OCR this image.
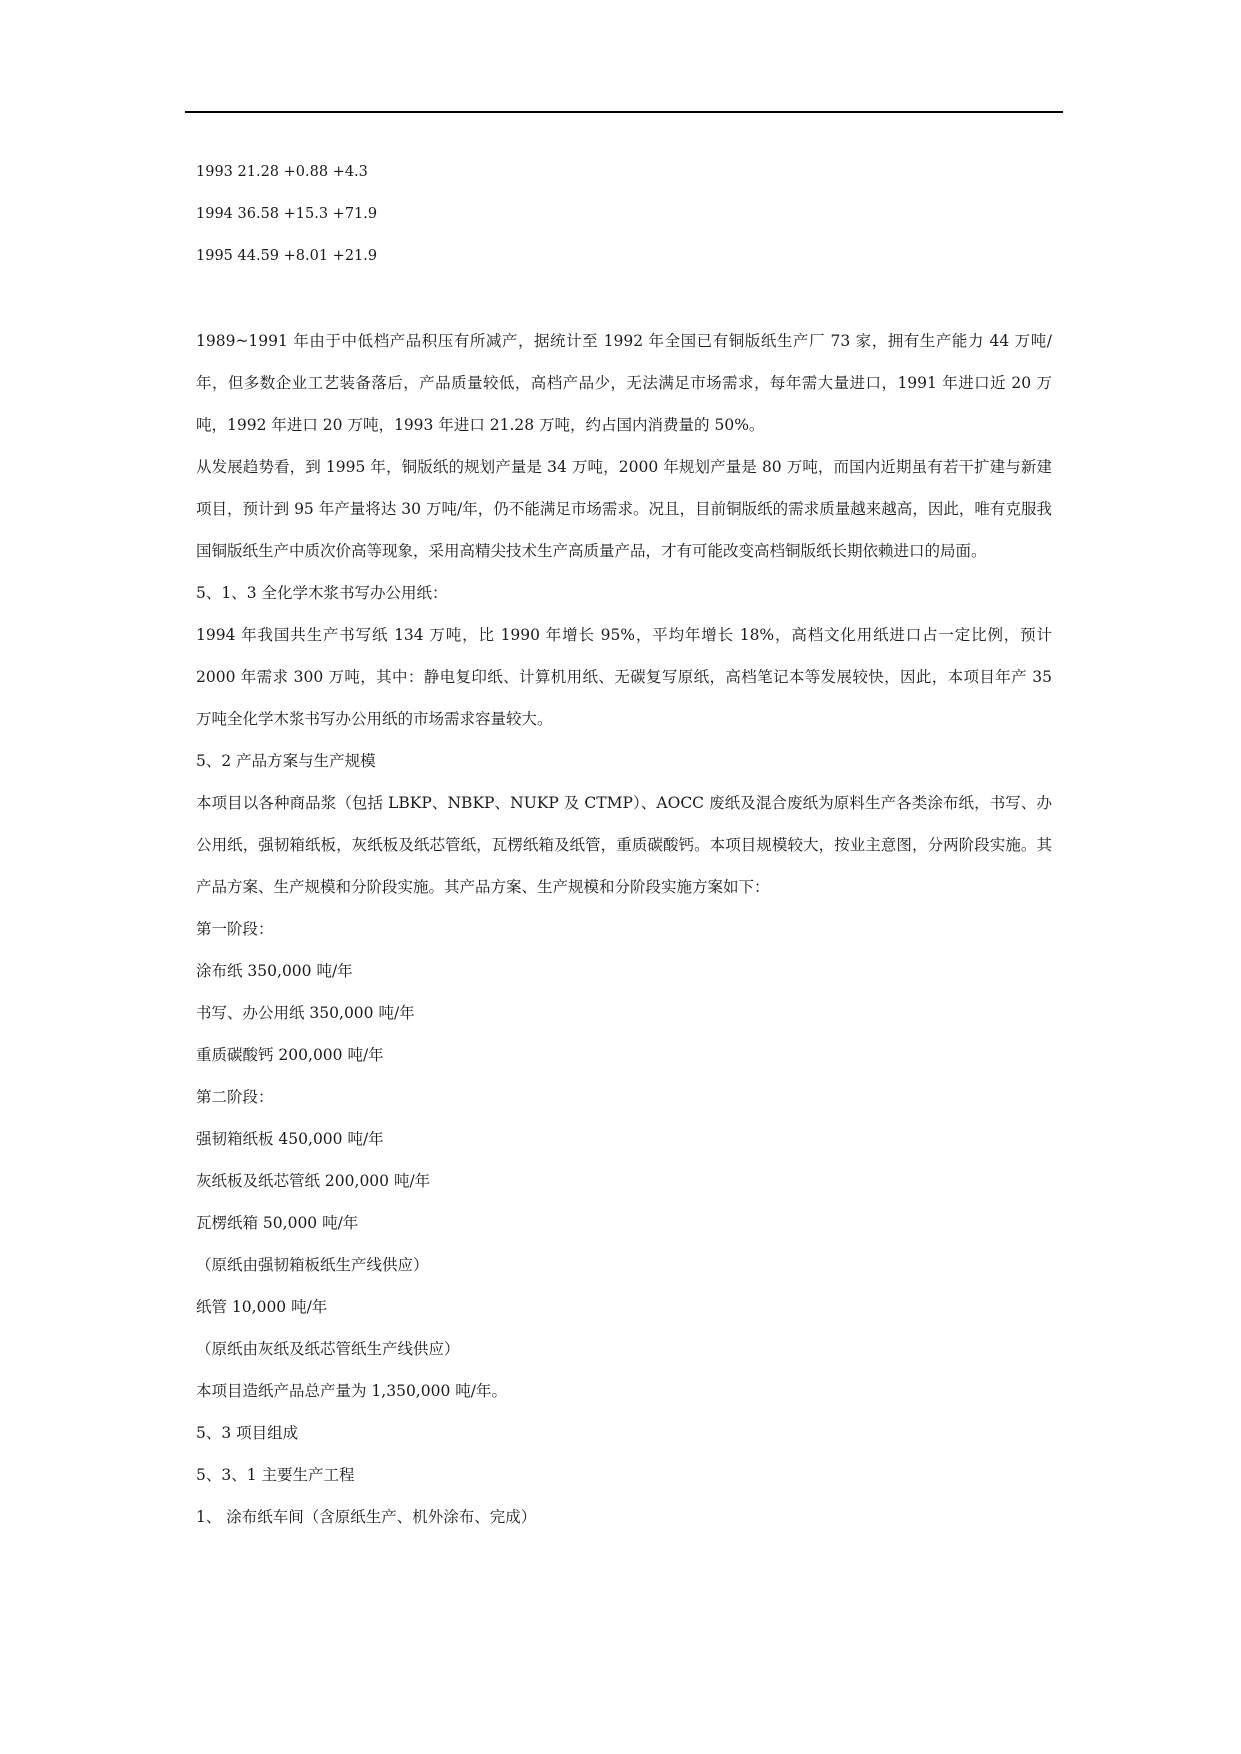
1993 21.28 +0.88 +4.3
1994 36.58 +15.3 +71.9
1995 44.59 +8.01 +21.9
1989~1991 年由于中低档产品积压有所减产，据统计至 1992 年全国已有铜版纸生产厂 73 家，拥有生产能力 44 万吨/年，但多数企业工艺装备落后，产品质量较低，高档产品少，无法满足市场需求，每年需大量进口，1991 年进口近 20 万吨，1992 年进口 20 万吨，1993 年进口 21.28 万吨，约占国内消费量的 50%。
从发展趋势看，到 1995 年，铜版纸的规划产量是 34 万吨，2000 年规划产量是 80 万吨，而国内近期虽有若干扩建与新建项目，预计到 95 年产量将达 30 万吨/年，仍不能满足市场需求。况且，目前铜版纸的需求质量越来越高，因此，唯有克服我国铜版纸生产中质次价高等现象，采用高精尖技术生产高质量产品，才有可能改变高档铜版纸长期依赖进口的局面。
5、1、3 全化学木浆书写办公用纸：
1994 年我国共生产书写纸 134 万吨，比 1990 年增长 95%，平均年增长 18%，高档文化用纸进口占一定比例，预计 2000 年需求 300 万吨，其中：静电复印纸、计算机用纸、无碳复写原纸，高档笔记本等发展较快，因此，本项目年产 35 万吨全化学木浆书写办公用纸的市场需求容量较大。
5、2 产品方案与生产规模
本项目以各种商品浆（包括 LBKP、NBKP、NUKP 及 CTMP）、AOCC 废纸及混合废纸为原料生产各类涂布纸，书写、办公用纸，强韧箱纸板，灰纸板及纸芯管纸，瓦楞纸箱及纸管，重质碳酸钙。本项目规模较大，按业主意图，分两阶段实施。其产品方案、生产规模和分阶段实施。其产品方案、生产规模和分阶段实施方案如下：
第一阶段：
涂布纸 350,000 吨/年
书写、办公用纸 350,000 吨/年
重质碳酸钙 200,000 吨/年
第二阶段：
强韧箱纸板 450,000 吨/年
灰纸板及纸芯管纸 200,000 吨/年
瓦楞纸箱 50,000 吨/年
（原纸由强韧箱板纸生产线供应）
纸管 10,000 吨/年
（原纸由灰纸及纸芯管纸生产线供应）
本项目造纸产品总产量为 1,350,000 吨/年。
5、3 项目组成
5、3、1 主要生产工程
1、 涂布纸车间（含原纸生产、机外涂布、完成）
